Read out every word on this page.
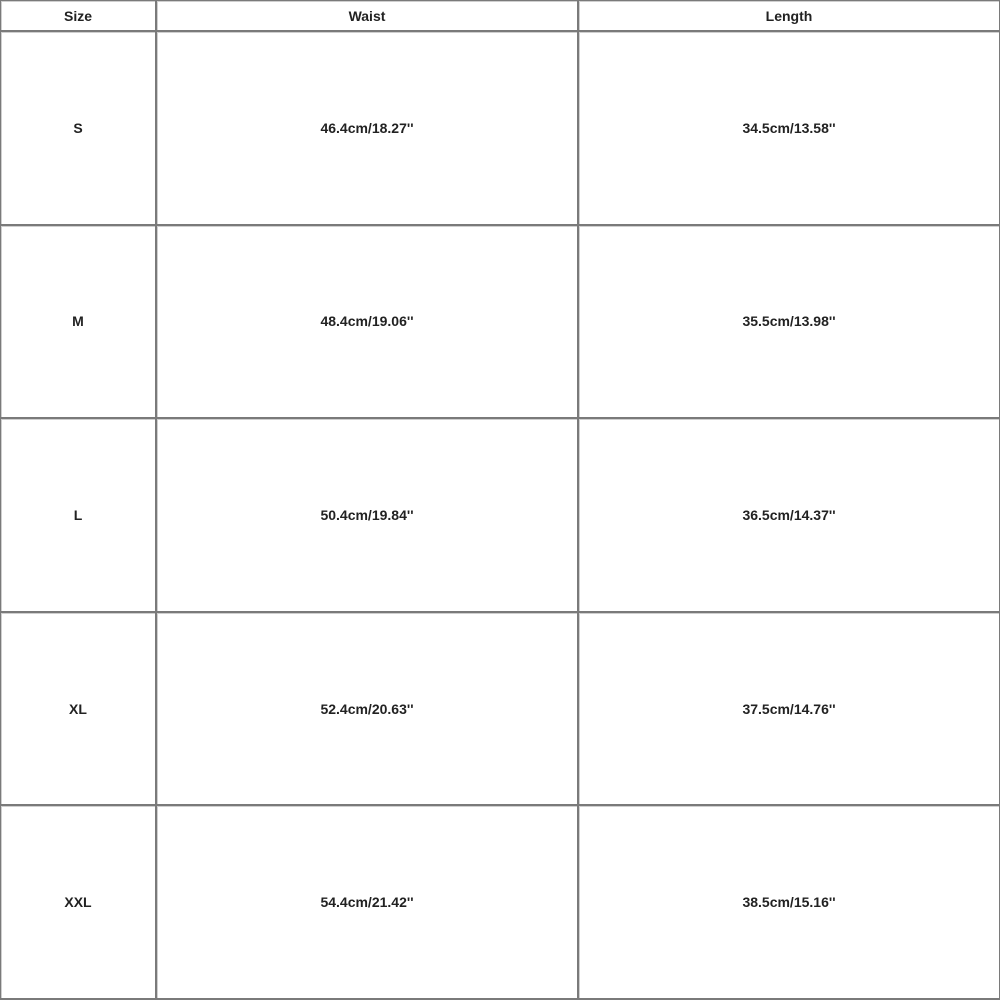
Size	Waist	Length
S	46.4cm/18.27''	34.5cm/13.58''
M	48.4cm/19.06''	35.5cm/13.98''
L	50.4cm/19.84''	36.5cm/14.37''
XL	52.4cm/20.63''	37.5cm/14.76''
XXL	54.4cm/21.42''	38.5cm/15.16''
